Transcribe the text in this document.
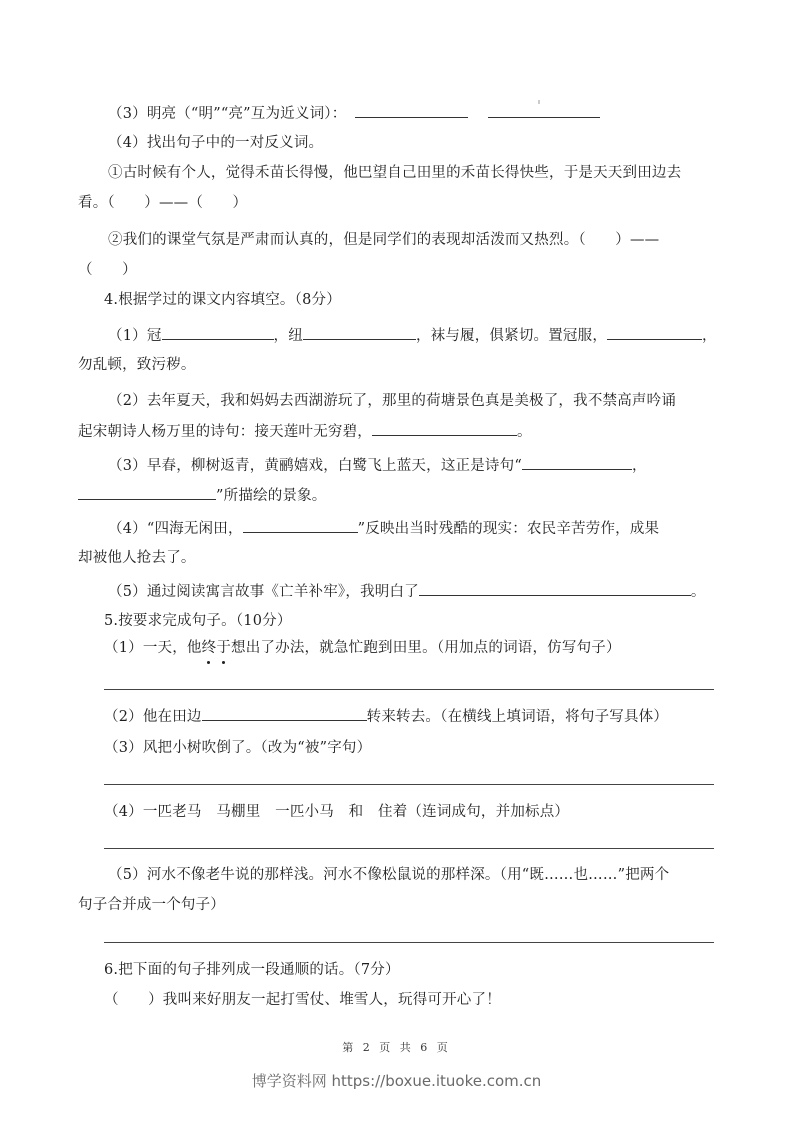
（3）明亮（“明”“亮”互为近义词）：
（4）找出句子中的一对反义词。
①古时候有个人，觉得禾苗长得慢，他巴望自己田里的禾苗长得快些，于是天天到田边去
看。（　　）——（　　）
②我们的课堂气氛是严肃而认真的，但是同学们的表现却活泼而又热烈。（　　）——
（　　）
4.根据学过的课文内容填空。（8分）
（1）冠	，纽	，袜与履，俱紧切。置冠服，	，
勿乱顿，致污秽。
（2）去年夏天，我和妈妈去西湖游玩了，那里的荷塘景色真是美极了，我不禁高声吟诵
起宋朝诗人杨万里的诗句：接天莲叶无穷碧，	。
（3）早春，柳树返青，黄鹂嬉戏，白鹭飞上蓝天，这正是诗句“	，
”所描绘的景象。
（4）“四海无闲田，	”反映出当时残酷的现实：农民辛苦劳作，成果
却被他人抢去了。
（5）通过阅读寓言故事《亡羊补牢》，我明白了	。
5.按要求完成句子。（10分）
（1）一天，他终于想出了办法，就急忙跑到田里。（用加点的词语，仿写句子）
（2）他在田边	转来转去。（在横线上填词语，将句子写具体）
（3）风把小树吹倒了。（改为“被”字句）
（4）一匹老马　马棚里　一匹小马　和　住着（连词成句，并加标点）
（5）河水不像老牛说的那样浅。河水不像松鼠说的那样深。（用“既……也……”把两个
句子合并成一个句子）
6.把下面的句子排列成一段通顺的话。（7分）
（　　）我叫来好朋友一起打雪仗、堆雪人，玩得可开心了！
第 2 页 共 6 页
博学资料网 https://boxue.ituoke.com.cn
